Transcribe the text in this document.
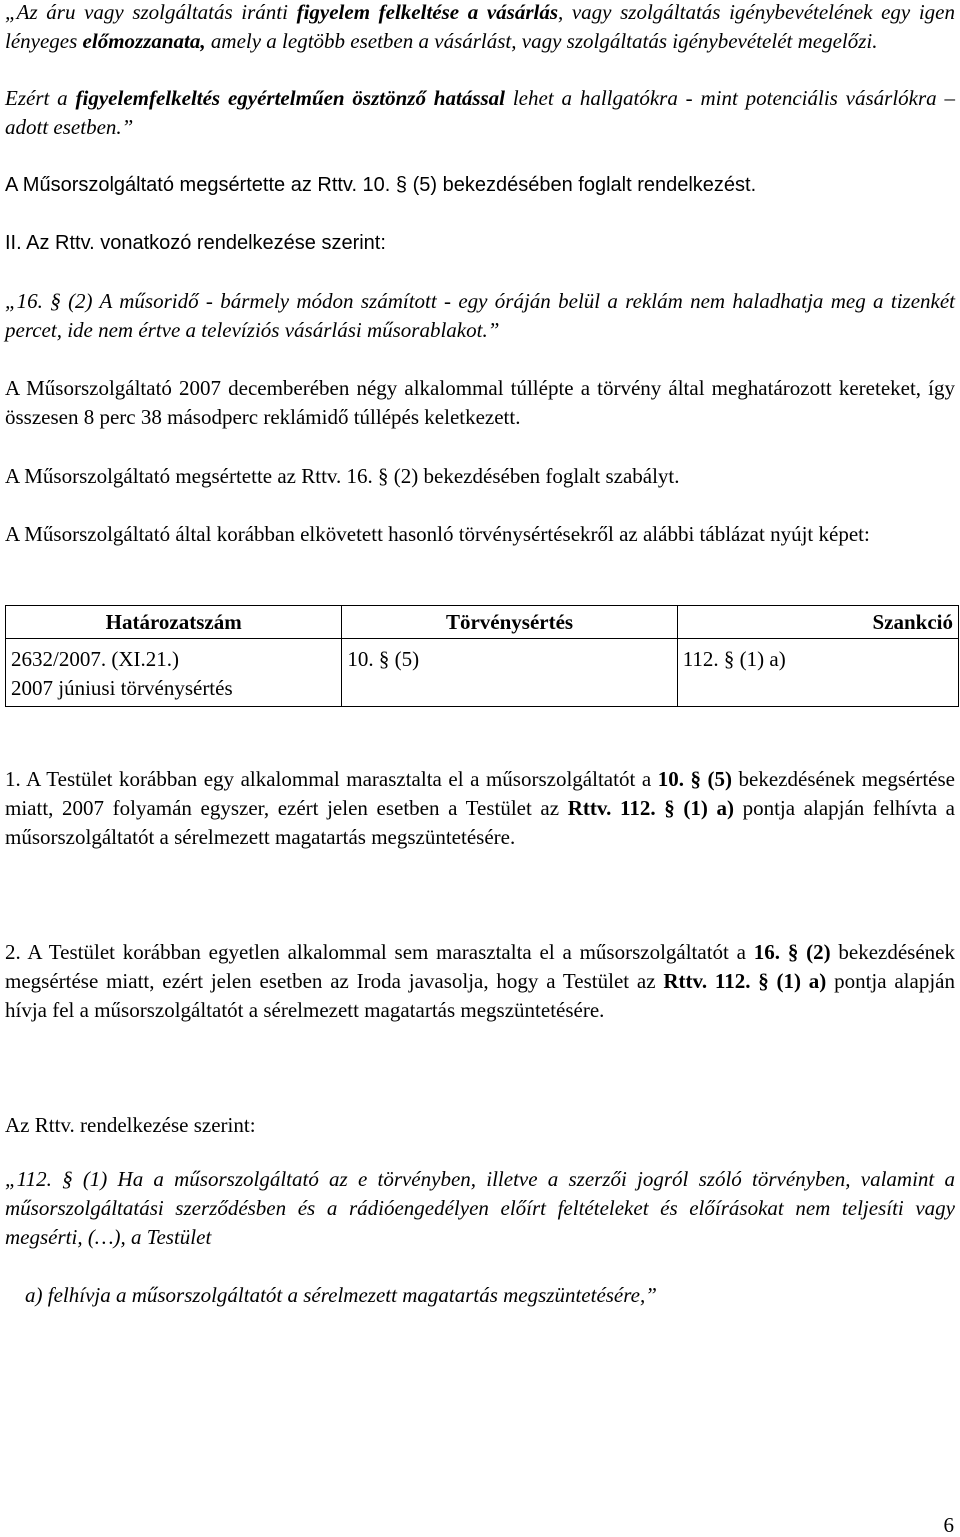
„Az áru vagy szolgáltatás iránti figyelem felkeltése a vásárlás, vagy szolgáltatás igénybevételének egy igen lényeges előmozzanata, amely a legtöbb esetben a vásárlást, vagy szolgáltatás igénybevételét megelőzi.
Ezért a figyelemfelkeltés egyértelműen ösztönző hatással lehet a hallgatókra - mint potenciális vásárlókra – adott esetben.”
A Műsorszolgáltató megsértette az Rttv. 10. § (5) bekezdésében foglalt rendelkezést.
II. Az Rttv. vonatkozó rendelkezése szerint:
„16. § (2) A műsoridő - bármely módon számított - egy óráján belül a reklám nem haladhatja meg a tizenkét percet, ide nem értve a televíziós vásárlási műsorablakot.”
A Műsorszolgáltató 2007 decemberében négy alkalommal túllépte a törvény által meghatározott kereteket, így összesen 8 perc 38 másodperc reklámidő túllépés keletkezett.
A Műsorszolgáltató megsértette az Rttv. 16. § (2) bekezdésében foglalt szabályt.
A Műsorszolgáltató által korábban elkövetett hasonló törvénysértésekről az alábbi táblázat nyújt képet:
Határozatszám	Törvénysértés	Szankció

2632/2007. (XI.21.)
2007 júniusi törvénysértés	10. § (5)	112. § (1) a)
1. A Testület korábban egy alkalommal marasztalta el a műsorszolgáltatót a 10. § (5) bekezdésének megsértése miatt, 2007 folyamán egyszer, ezért jelen esetben a Testület az Rttv. 112. § (1) a) pontja alapján felhívta a műsorszolgáltatót a sérelmezett magatartás megszüntetésére.
2. A Testület korábban egyetlen alkalommal sem marasztalta el a műsorszolgáltatót a 16. § (2) bekezdésének megsértése miatt, ezért jelen esetben az Iroda javasolja, hogy a Testület az Rttv. 112. § (1) a) pontja alapján hívja fel a műsorszolgáltatót a sérelmezett magatartás megszüntetésére.
Az Rttv. rendelkezése szerint:
„112. § (1) Ha a műsorszolgáltató az e törvényben, illetve a szerzői jogról szóló törvényben, valamint a műsorszolgáltatási szerződésben és a rádióengedélyen előírt feltételeket és előírásokat nem teljesíti vagy megsérti, (…), a Testület
a) felhívja a műsorszolgáltatót a sérelmezett magatartás megszüntetésére,”
6
